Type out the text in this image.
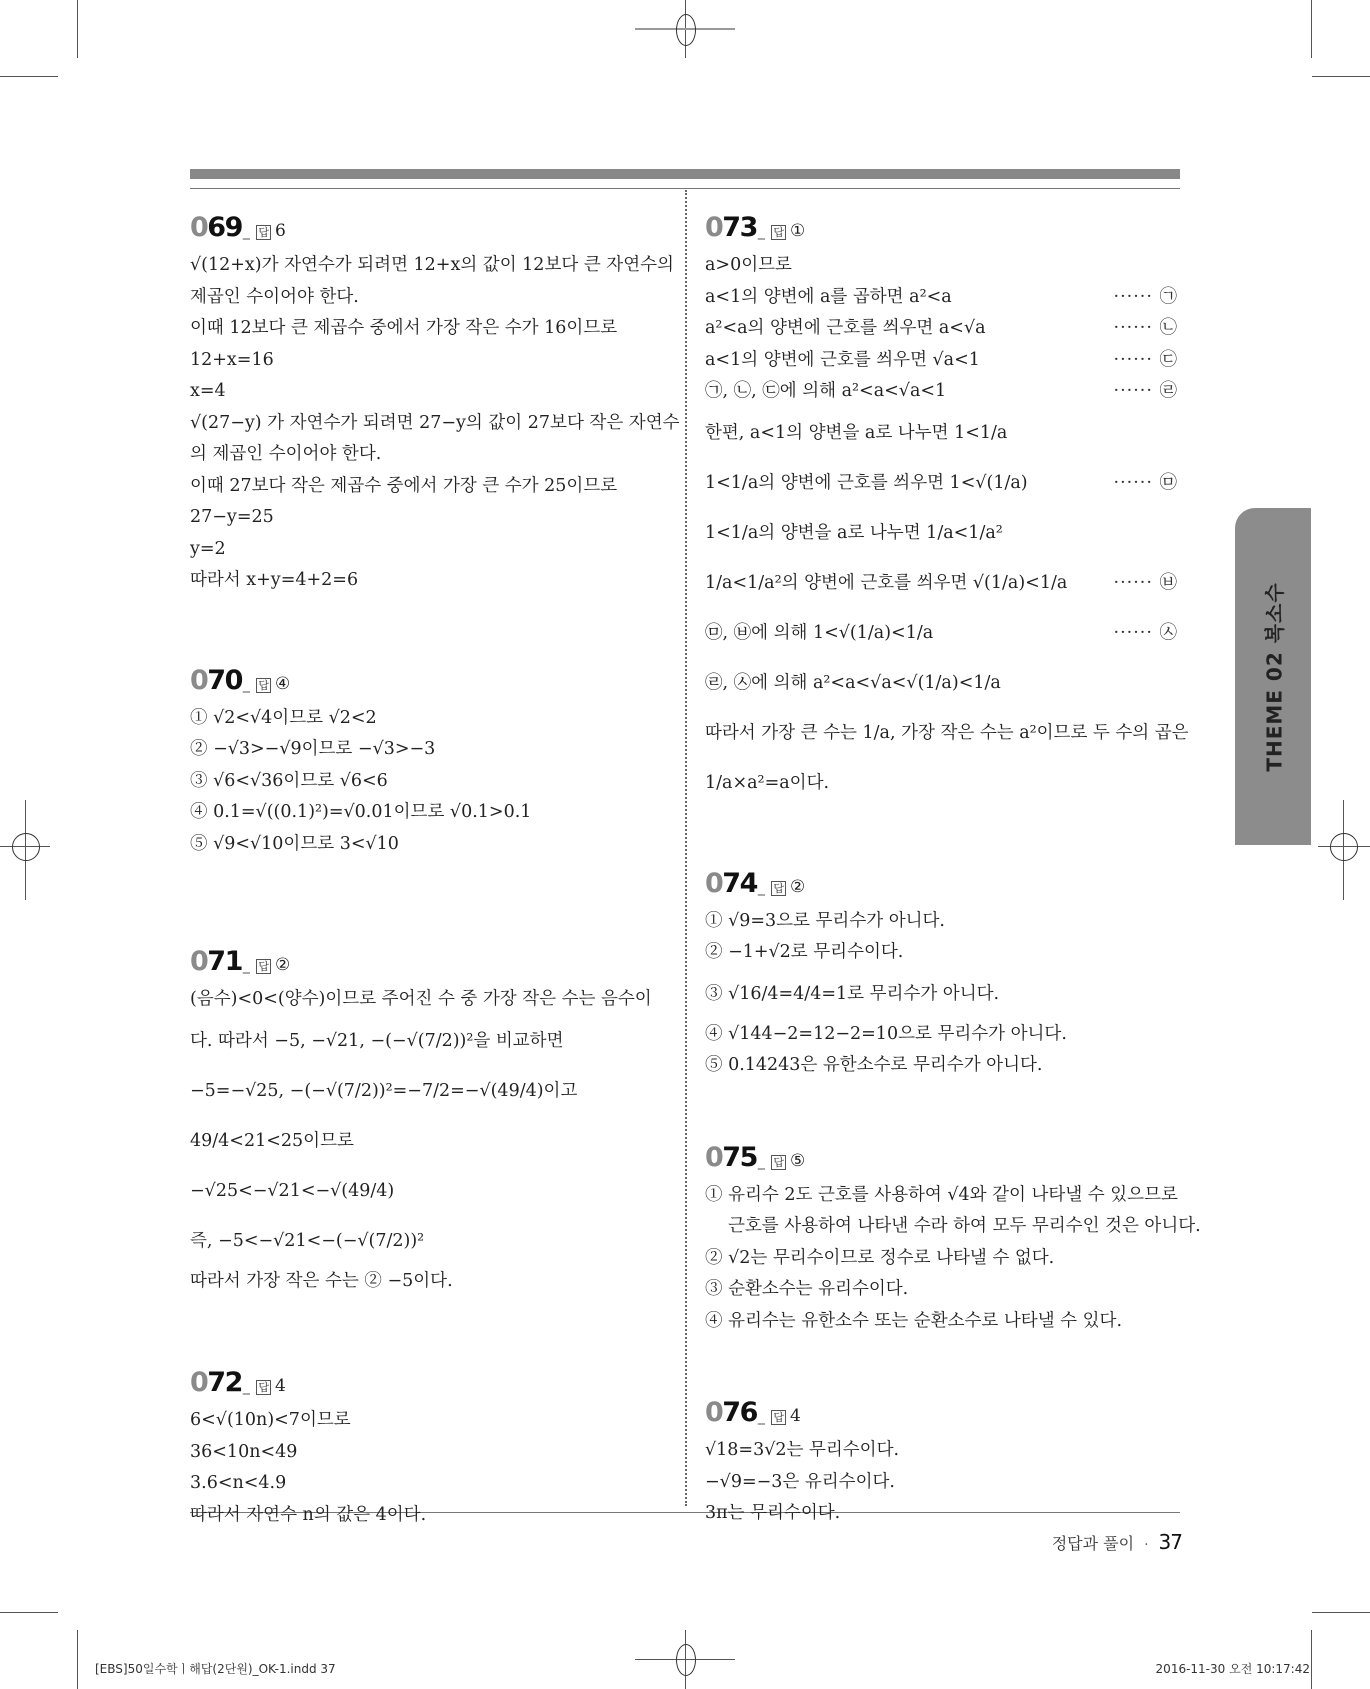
069_ 답 6
√(12+x)가 자연수가 되려면 12+x의 값이 12보다 큰 자연수의
제곱인 수이어야 한다.
이때 12보다 큰 제곱수 중에서 가장 작은 수가 16이므로
12+x=16
x=4
√(27−y) 가 자연수가 되려면 27−y의 값이 27보다 작은 자연수
의 제곱인 수이어야 한다.
이때 27보다 작은 제곱수 중에서 가장 큰 수가 25이므로
27−y=25
y=2
따라서 x+y=4+2=6
070_ 답 ④
① √2<√4이므로 √2<2
② −√3>−√9이므로 −√3>−3
③ √6<√36이므로 √6<6
④ 0.1=√((0.1)²)=√0.01이므로 √0.1>0.1
⑤ √9<√10이므로 3<√10
071_ 답 ②
(음수)<0<(양수)이므로 주어진 수 중 가장 작은 수는 음수이
다. 따라서 −5, −√21, −(−√(7/2))²을 비교하면
−5=−√25, −(−√(7/2))²=−7/2=−√(49/4)이고
49/4<21<25이므로
−√25<−√21<−√(49/4)
즉, −5<−√21<−(−√(7/2))²
따라서 가장 작은 수는 ② −5이다.
072_ 답 4
6<√(10n)<7이므로
36<10n<49
3.6<n<4.9
따라서 자연수 n의 값은 4이다.
073_ 답 ①
a>0이므로
a<1의 양변에 a를 곱하면 a²<a	······ ㉠
a²<a의 양변에 근호를 씌우면 a<√a	······ ㉡
a<1의 양변에 근호를 씌우면 √a<1	······ ㉢
㉠, ㉡, ㉢에 의해 a²<a<√a<1	······ ㉣
한편, a<1의 양변을 a로 나누면 1<1/a
1<1/a의 양변에 근호를 씌우면 1<√(1/a)	······ ㉤
1<1/a의 양변을 a로 나누면 1/a<1/a²
1/a<1/a²의 양변에 근호를 씌우면 √(1/a)<1/a	······ ㉥
㉤, ㉥에 의해 1<√(1/a)<1/a	······ ㉦
㉣, ㉦에 의해 a²<a<√a<√(1/a)<1/a
따라서 가장 큰 수는 1/a, 가장 작은 수는 a²이므로 두 수의 곱은
1/a×a²=a이다.
074_ 답 ②
① √9=3으로 무리수가 아니다.
② −1+√2로 무리수이다.
③ √16/4=4/4=1로 무리수가 아니다.
④ √144−2=12−2=10으로 무리수가 아니다.
⑤ 0.14243은 유한소수로 무리수가 아니다.
075_ 답 ⑤
① 유리수 2도 근호를 사용하여 √4와 같이 나타낼 수 있으므로
근호를 사용하여 나타낸 수라 하여 모두 무리수인 것은 아니다.
② √2는 무리수이므로 정수로 나타낼 수 없다.
③ 순환소수는 유리수이다.
④ 유리수는 유한소수 또는 순환소수로 나타낼 수 있다.
076_ 답 4
√18=3√2는 무리수이다.
−√9=−3은 유리수이다.
3π는 무리수이다.
THEME 02 복소수
정답과 풀이 · 37
[EBS]50일수학ㅣ해답(2단원)_OK-1.indd 37	2016-11-30 오전 10:17:42
